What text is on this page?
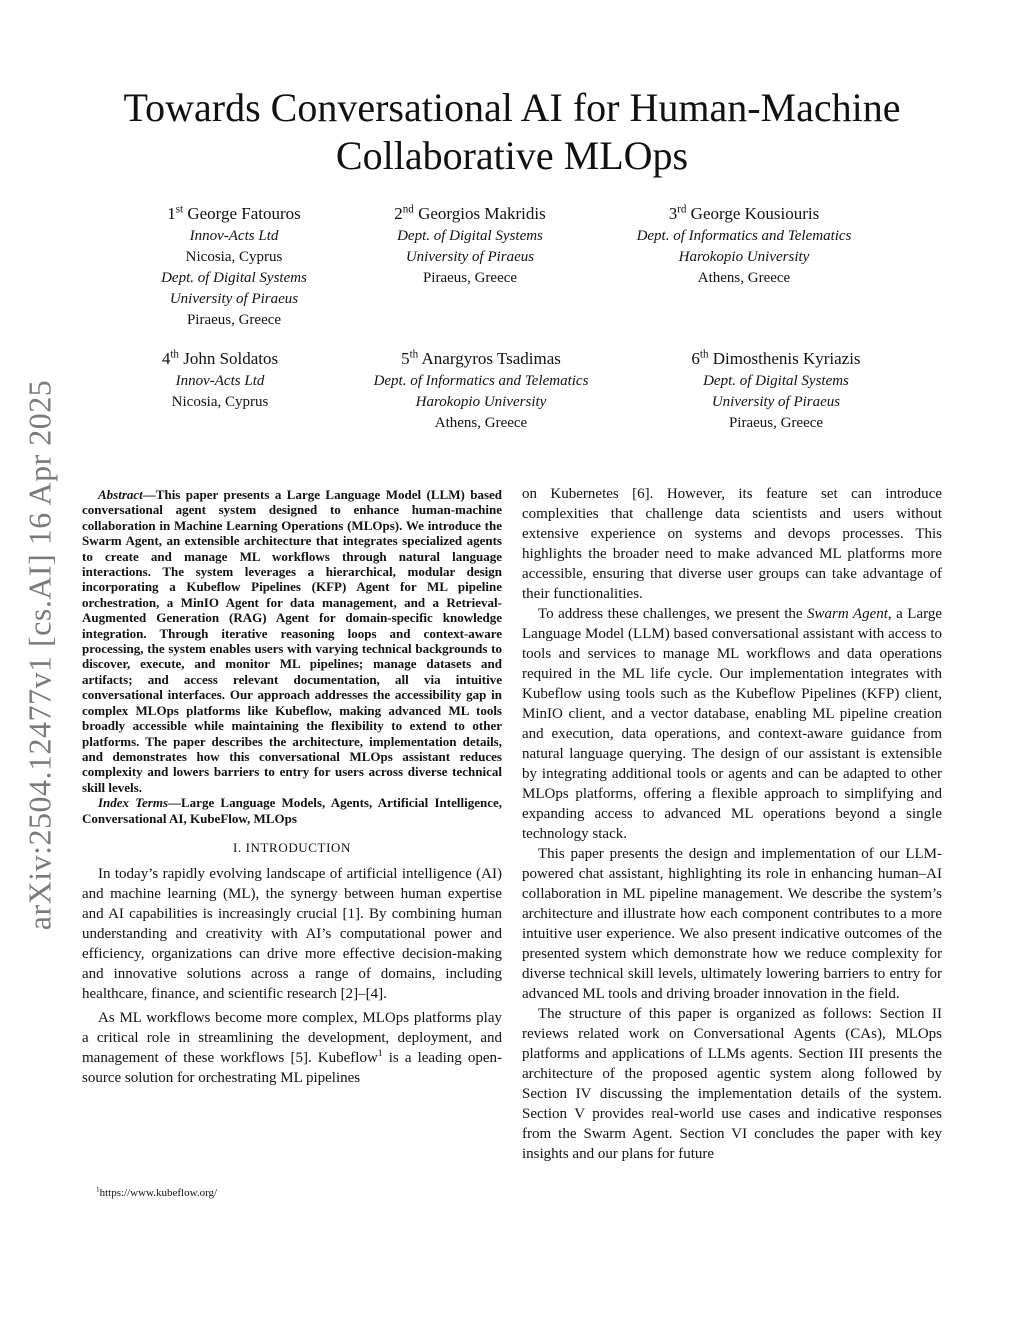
arXiv:2504.12477v1 [cs.AI] 16 Apr 2025
Towards Conversational AI for Human-Machine
Collaborative MLOps
1st George Fatouros
Innov-Acts Ltd
Nicosia, Cyprus
Dept. of Digital Systems
University of Piraeus
Piraeus, Greece
2nd Georgios Makridis
Dept. of Digital Systems
University of Piraeus
Piraeus, Greece
3rd George Kousiouris
Dept. of Informatics and Telematics
Harokopio University
Athens, Greece
4th John Soldatos
Innov-Acts Ltd
Nicosia, Cyprus
5th Anargyros Tsadimas
Dept. of Informatics and Telematics
Harokopio University
Athens, Greece
6th Dimosthenis Kyriazis
Dept. of Digital Systems
University of Piraeus
Piraeus, Greece

Abstract—This paper presents a Large Language Model (LLM) based conversational agent system designed to enhance human-machine collaboration in Machine Learning Operations (MLOps). We introduce the Swarm Agent, an extensible architecture that integrates specialized agents to create and manage ML workflows through natural language interactions. The system leverages a hierarchical, modular design incorporating a Kubeflow Pipelines (KFP) Agent for ML pipeline orchestration, a MinIO Agent for data management, and a Retrieval-Augmented Generation (RAG) Agent for domain-specific knowledge integration. Through iterative reasoning loops and context-aware processing, the system enables users with varying technical backgrounds to discover, execute, and monitor ML pipelines; manage datasets and artifacts; and access relevant documentation, all via intuitive conversational interfaces. Our approach addresses the accessibility gap in complex MLOps platforms like Kubeflow, making advanced ML tools broadly accessible while maintaining the flexibility to extend to other platforms. The paper describes the architecture, implementation details, and demonstrates how this conversational MLOps assistant reduces complexity and lowers barriers to entry for users across diverse technical skill levels.

Index Terms—Large Language Models, Agents, Artificial Intelligence, Conversational AI, KubeFlow, MLOps

I. INTRODUCTION

In today’s rapidly evolving landscape of artificial intelligence (AI) and machine learning (ML), the synergy between human expertise and AI capabilities is increasingly crucial [1]. By combining human understanding and creativity with AI’s computational power and efficiency, organizations can drive more effective decision-making and innovative solutions across a range of domains, including healthcare, finance, and scientific research [2]–[4].

As ML workflows become more complex, MLOps platforms play a critical role in streamlining the development, deployment, and management of these workflows [5]. Kubeflow$^1$ is a leading open-source solution for orchestrating ML pipelines

$^1$https://www.kubeflow.org/

on Kubernetes [6]. However, its feature set can introduce complexities that challenge data scientists and users without extensive experience on systems and devops processes. This highlights the broader need to make advanced ML platforms more accessible, ensuring that diverse user groups can take advantage of their functionalities.

To address these challenges, we present the Swarm Agent, a Large Language Model (LLM) based conversational assistant with access to tools and services to manage ML workflows and data operations required in the ML life cycle. Our implementation integrates with Kubeflow using tools such as the Kubeflow Pipelines (KFP) client, MinIO client, and a vector database, enabling ML pipeline creation and execution, data operations, and context-aware guidance from natural language querying. The design of our assistant is extensible by integrating additional tools or agents and can be adapted to other MLOps platforms, offering a flexible approach to simplifying and expanding access to advanced ML operations beyond a single technology stack.

This paper presents the design and implementation of our LLM-powered chat assistant, highlighting its role in enhancing human–AI collaboration in ML pipeline management. We describe the system’s architecture and illustrate how each component contributes to a more intuitive user experience. We also present indicative outcomes of the presented system which demonstrate how we reduce complexity for diverse technical skill levels, ultimately lowering barriers to entry for advanced ML tools and driving broader innovation in the field.

The structure of this paper is organized as follows: Section II reviews related work on Conversational Agents (CAs), MLOps platforms and applications of LLMs agents. Section III presents the architecture of the proposed agentic system along followed by Section IV discussing the implementation details of the system. Section V provides real-world use cases and indicative responses from the Swarm Agent. Section VI concludes the paper with key insights and our plans for future
